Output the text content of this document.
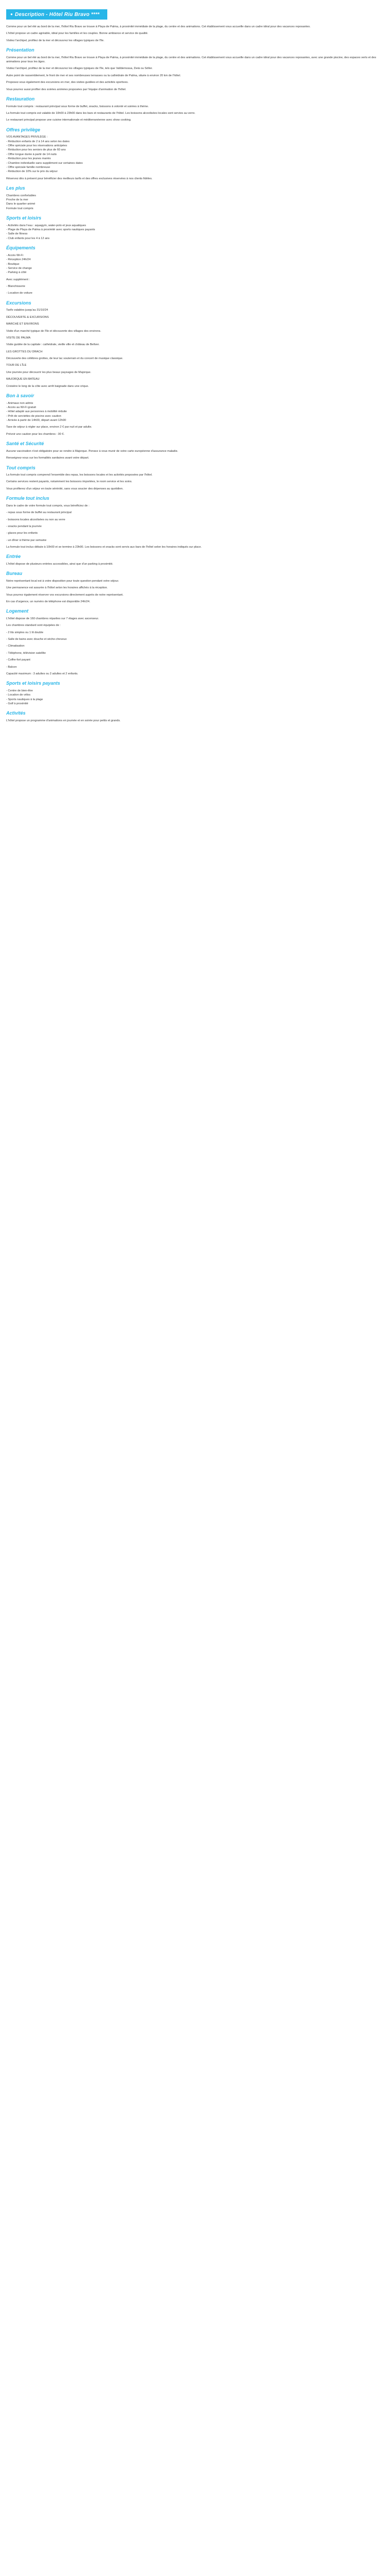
● Description - Hôtel Riu Bravo ****

Comme pour un bel été au bord de la mer, l'hôtel Riu Bravo se trouve à Playa de Palma, à proximité immédiate de la plage, du centre et des animations. Cet établissement vous accueille dans un cadre idéal pour des vacances reposantes.

L'hôtel propose un cadre agréable, idéal pour les familles et les couples. Bonne ambiance et service de qualité.

Visitez l'archipel, profitez de la mer et découvrez les villages typiques de l'île.

Présentation

Comme pour un bel été au bord de la mer, l'hôtel Riu Bravo se trouve à Playa de Palma, à proximité immédiate de la plage, du centre et des animations. Cet établissement vous accueille dans un cadre idéal pour des vacances reposantes, avec une grande piscine, des espaces verts et des animations pour tous les âges.

Visitez l'archipel, profitez de la mer et découvrez les villages typiques de l'île, tels que Valldemossa, Deià ou Sóller.

Autre point de rassemblement, le front de mer et ses nombreuses terrasses ou la cathédrale de Palma, située à environ 20 km de l'hôtel.

Proposez-vous également des excursions en mer, des visites guidées et des activités sportives.

Vous pourrez aussi profiter des soirées animées proposées par l'équipe d'animation de l'hôtel.

Restauration

Formule tout compris : restaurant principal sous forme de buffet, snacks, boissons à volonté et soirées à thème.

La formule tout compris est valable de 10h00 à 23h00 dans les bars et restaurants de l'hôtel. Les boissons alcoolisées locales sont servies au verre.

Le restaurant principal propose une cuisine internationale et méditerranéenne avec show cooking.

Offres privilège
VOS AVANTAGES PRIVILÈGE :
- Réduction enfants de 2 à 14 ans selon les dates
- Offre spéciale pour les réservations anticipées
- Réduction pour les seniors de plus de 60 ans
- Offre longue durée à partir de 14 nuits
- Réduction pour les jeunes mariés
- Chambre individuelle sans supplément sur certaines dates
- Offre spéciale famille nombreuse
- Réduction de 10% sur le prix du séjour

Réservez dès à présent pour bénéficier des meilleurs tarifs et des offres exclusives réservées à nos clients fidèles.

Les plus
Chambres confortables
Proche de la mer
Dans le quartier animé
Formule tout compris
Sports et loisirs
- Activités dans l'eau : aquagym, water-polo et jeux aquatiques
- Plage de Playa de Palma à proximité avec sports nautiques payants
- Salle de fitness
- Club enfants pour les 4 à 12 ans
Équipements
- Accès Wi-Fi
- Réception 24h/24
- Boutique
- Service de change
- Parking à côté

Avec supplément :

- Blanchisserie

- Location de voiture

Excursions

Tarifs valables jusqu'au 31/10/24

DÉCOUVERTE & EXCURSIONS

MARCHÉ ET ENVIRONS

Visite d'un marché typique de l'île et découverte des villages des environs.

VISITE DE PALMA

Visite guidée de la capitale : cathédrale, vieille ville et château de Bellver.

LES GROTTES DU DRACH

Découverte des célèbres grottes, de leur lac souterrain et du concert de musique classique.

TOUR DE L'ÎLE

Une journée pour découvrir les plus beaux paysages de Majorque.

MAJORQUE EN BATEAU

Croisière le long de la côte avec arrêt baignade dans une crique.

Bon à savoir
- Animaux non admis
- Accès au Wi-Fi gratuit
- Hôtel adapté aux personnes à mobilité réduite
- Prêt de serviettes de piscine avec caution
- Arrivée à partir de 14h00, départ avant 12h00

Taxe de séjour à régler sur place, environ 2 € par nuit et par adulte.

Prévoir une caution pour les chambres : 30 €.

Santé et Sécurité

Aucune vaccination n'est obligatoire pour se rendre à Majorque. Pensez à vous munir de votre carte européenne d'assurance maladie.

Renseignez-vous sur les formalités sanitaires avant votre départ.

Tout compris

La formule tout compris comprend l'ensemble des repas, les boissons locales et les activités proposées par l'hôtel.

Certains services restent payants, notamment les boissons importées, le room service et les soins.

Vous profiterez d'un séjour en toute sérénité, sans vous soucier des dépenses au quotidien.

Formule tout inclus

Dans le cadre de votre formule tout compris, vous bénéficiez de :

- repas sous forme de buffet au restaurant principal

- boissons locales alcoolisées ou non au verre

- snacks pendant la journée

- glaces pour les enfants

- un dîner à thème par semaine

La formule tout inclus débute à 10h00 et se termine à 23h00. Les boissons et snacks sont servis aux bars de l'hôtel selon les horaires indiqués sur place.

Entrée

L'hôtel dispose de plusieurs entrées accessibles, ainsi que d'un parking à proximité.

Bureau

Notre représentant local est à votre disposition pour toute question pendant votre séjour.

Une permanence est assurée à l'hôtel selon les horaires affichés à la réception.

Vous pourrez également réserver vos excursions directement auprès de notre représentant.

En cas d'urgence, un numéro de téléphone est disponible 24h/24.

Logement

L'hôtel dispose de 160 chambres réparties sur 7 étages avec ascenseur.

Les chambres standard sont équipées de :

- 2 lits simples ou 1 lit double

- Salle de bains avec douche et sèche-cheveux

- Climatisation

- Téléphone, télévision satellite

- Coffre-fort payant

- Balcon

Capacité maximum : 3 adultes ou 2 adultes et 2 enfants.

Sports et loisirs payants
- Centre de bien-être
- Location de vélos
- Sports nautiques à la plage
- Golf à proximité
Activités

L'hôtel propose un programme d'animations en journée et en soirée pour petits et grands.
